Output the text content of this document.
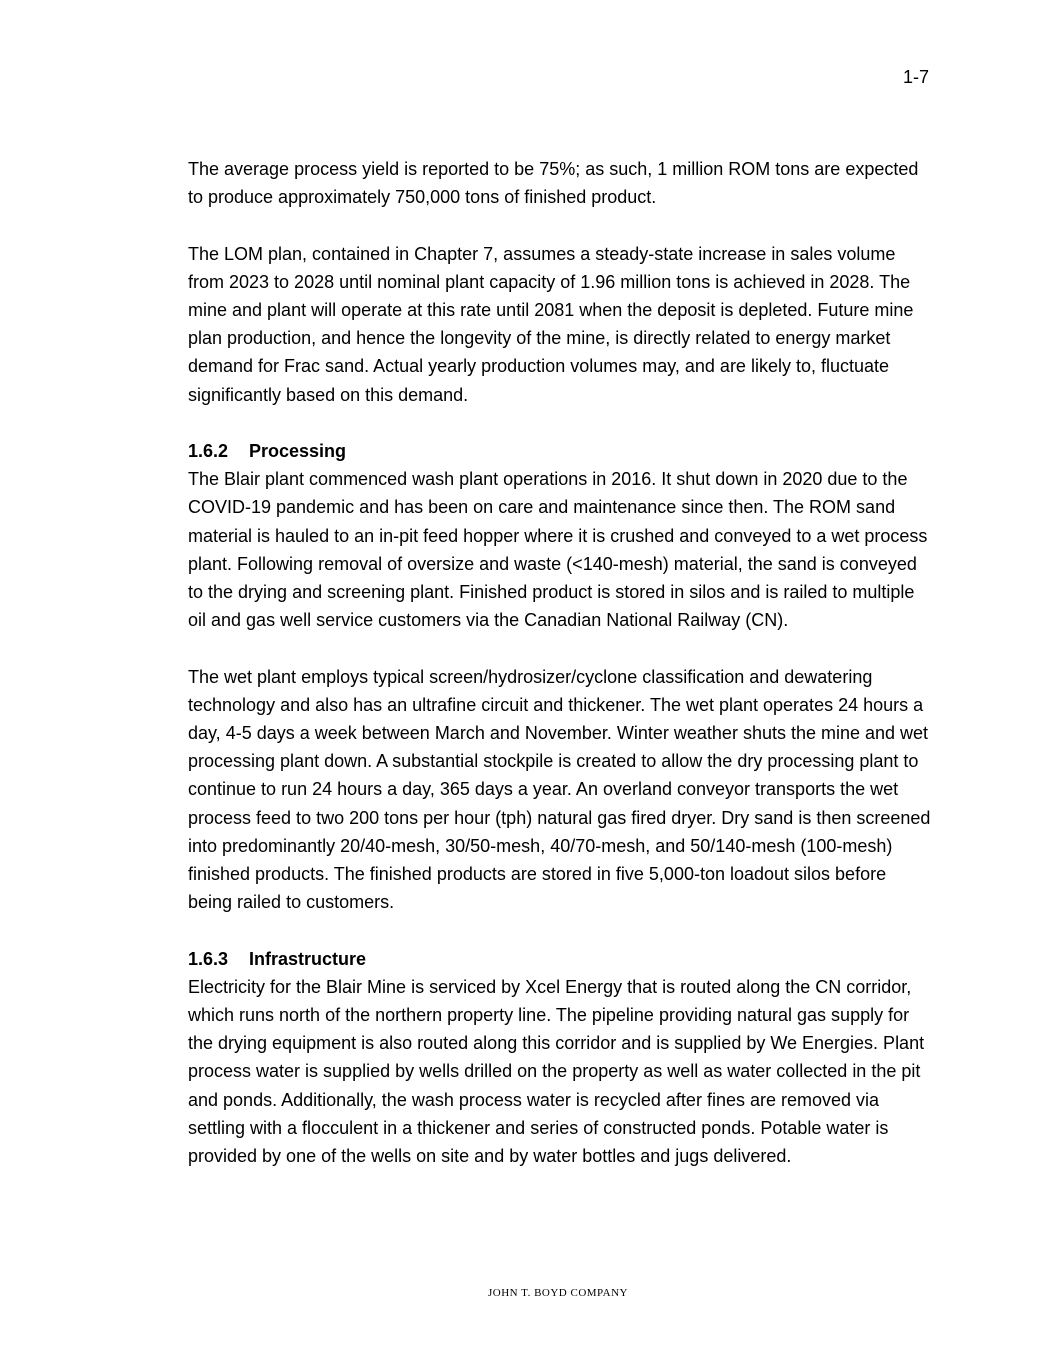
1-7

The average process yield is reported to be 75%; as such, 1 million ROM tons are expected to produce approximately 750,000 tons of finished product.

The LOM plan, contained in Chapter 7, assumes a steady-state increase in sales volume from 2023 to 2028 until nominal plant capacity of 1.96 million tons is achieved in 2028. The mine and plant will operate at this rate until 2081 when the deposit is depleted. Future mine plan production, and hence the longevity of the mine, is directly related to energy market demand for Frac sand. Actual yearly production volumes may, and are likely to, fluctuate significantly based on this demand.

1.6.2 Processing

The Blair plant commenced wash plant operations in 2016. It shut down in 2020 due to the COVID-19 pandemic and has been on care and maintenance since then. The ROM sand material is hauled to an in-pit feed hopper where it is crushed and conveyed to a wet process plant. Following removal of oversize and waste (<140-mesh) material, the sand is conveyed to the drying and screening plant. Finished product is stored in silos and is railed to multiple oil and gas well service customers via the Canadian National Railway (CN).

The wet plant employs typical screen/hydrosizer/cyclone classification and dewatering technology and also has an ultrafine circuit and thickener. The wet plant operates 24 hours a day, 4-5 days a week between March and November. Winter weather shuts the mine and wet processing plant down. A substantial stockpile is created to allow the dry processing plant to continue to run 24 hours a day, 365 days a year. An overland conveyor transports the wet process feed to two 200 tons per hour (tph) natural gas fired dryer. Dry sand is then screened into predominantly 20/40-mesh, 30/50-mesh, 40/70-mesh, and 50/140-mesh (100-mesh) finished products. The finished products are stored in five 5,000-ton loadout silos before being railed to customers.

1.6.3 Infrastructure

Electricity for the Blair Mine is serviced by Xcel Energy that is routed along the CN corridor, which runs north of the northern property line. The pipeline providing natural gas supply for the drying equipment is also routed along this corridor and is supplied by We Energies. Plant process water is supplied by wells drilled on the property as well as water collected in the pit and ponds. Additionally, the wash process water is recycled after fines are removed via settling with a flocculent in a thickener and series of constructed ponds. Potable water is provided by one of the wells on site and by water bottles and jugs delivered.

JOHN T. BOYD COMPANY
